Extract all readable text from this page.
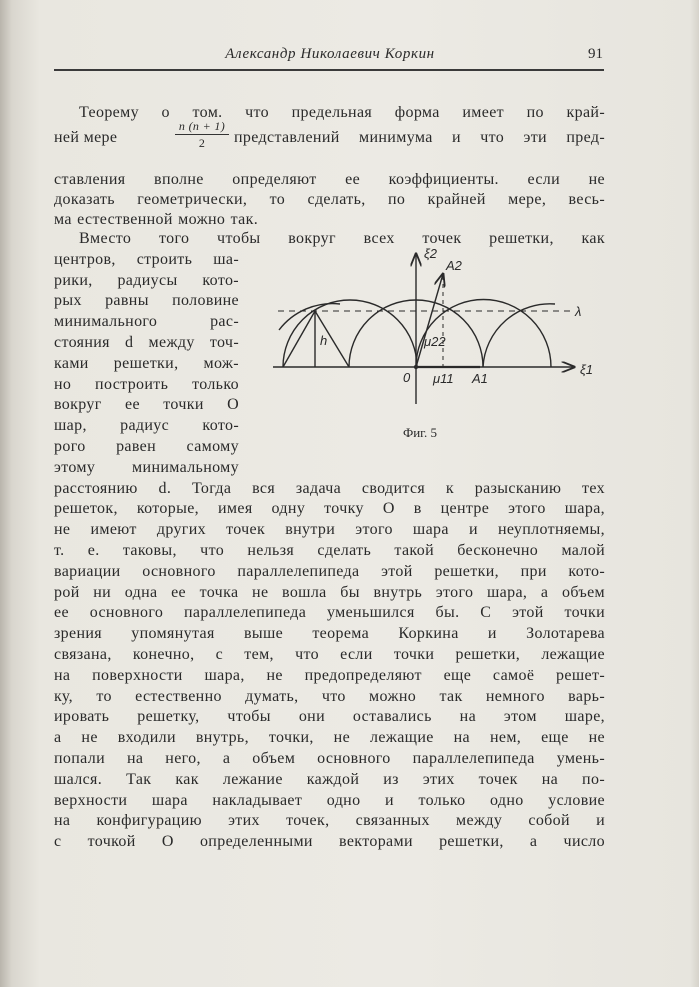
Александр Николаевич Коркин	91
Теорему о том. что предельная форма имеет по край-
ней мере	$\frac{n (n + 1)}{2}$ представлений минимума и что эти пред-
ставления вполне определяют ее коэффициенты. если не
доказать геометрически, то сделать, по крайней мере, весь-
ма естественной можно так.
Вместо того чтобы вокруг всех точек решетки, как
центров, строить ша-
рики, радиусы кото-
рых равны половине
минимального рас-
стояния d между точ-
ками решетки, мож-
но построить только
вокруг ее точки O
шар, радиус кото-
рого равен самому
этому минимальному
расстоянию d. Тогда вся задача сводится к разысканию тех
решеток, которые, имея одну точку O в центре этого шара,
не имеют других точек внутри этого шара и неуплотняемы,
т. е. таковы, что нельзя сделать такой бесконечно малой
вариации основного параллелепипеда этой решетки, при кото-
рой ни одна ее точка не вошла бы внутрь этого шара, а объем
ее основного параллелепипеда уменьшился бы. С этой точки
зрения упомянутая выше теорема Коркина и Золотарева
связана, конечно, с тем, что если точки решетки, лежащие
на поверхности шара, не предопределяют еще самоё решет-
ку, то естественно думать, что можно так немного варь-
ировать решетку, чтобы они оставались на этом шаре,
а не входили внутрь, точки, не лежащие на нем, еще не
попали на него, а объем основного параллелепипеда умень-
шался. Так как лежание каждой из этих точек на по-
верхности шара накладывает одно и только одно условие
на конфигурацию этих точек, связанных между собой и
с точкой O определенными векторами решетки, а число
ξ2
ξ1
A2
A1
λ
h	μ22
μ11
0
Фиг. 5
